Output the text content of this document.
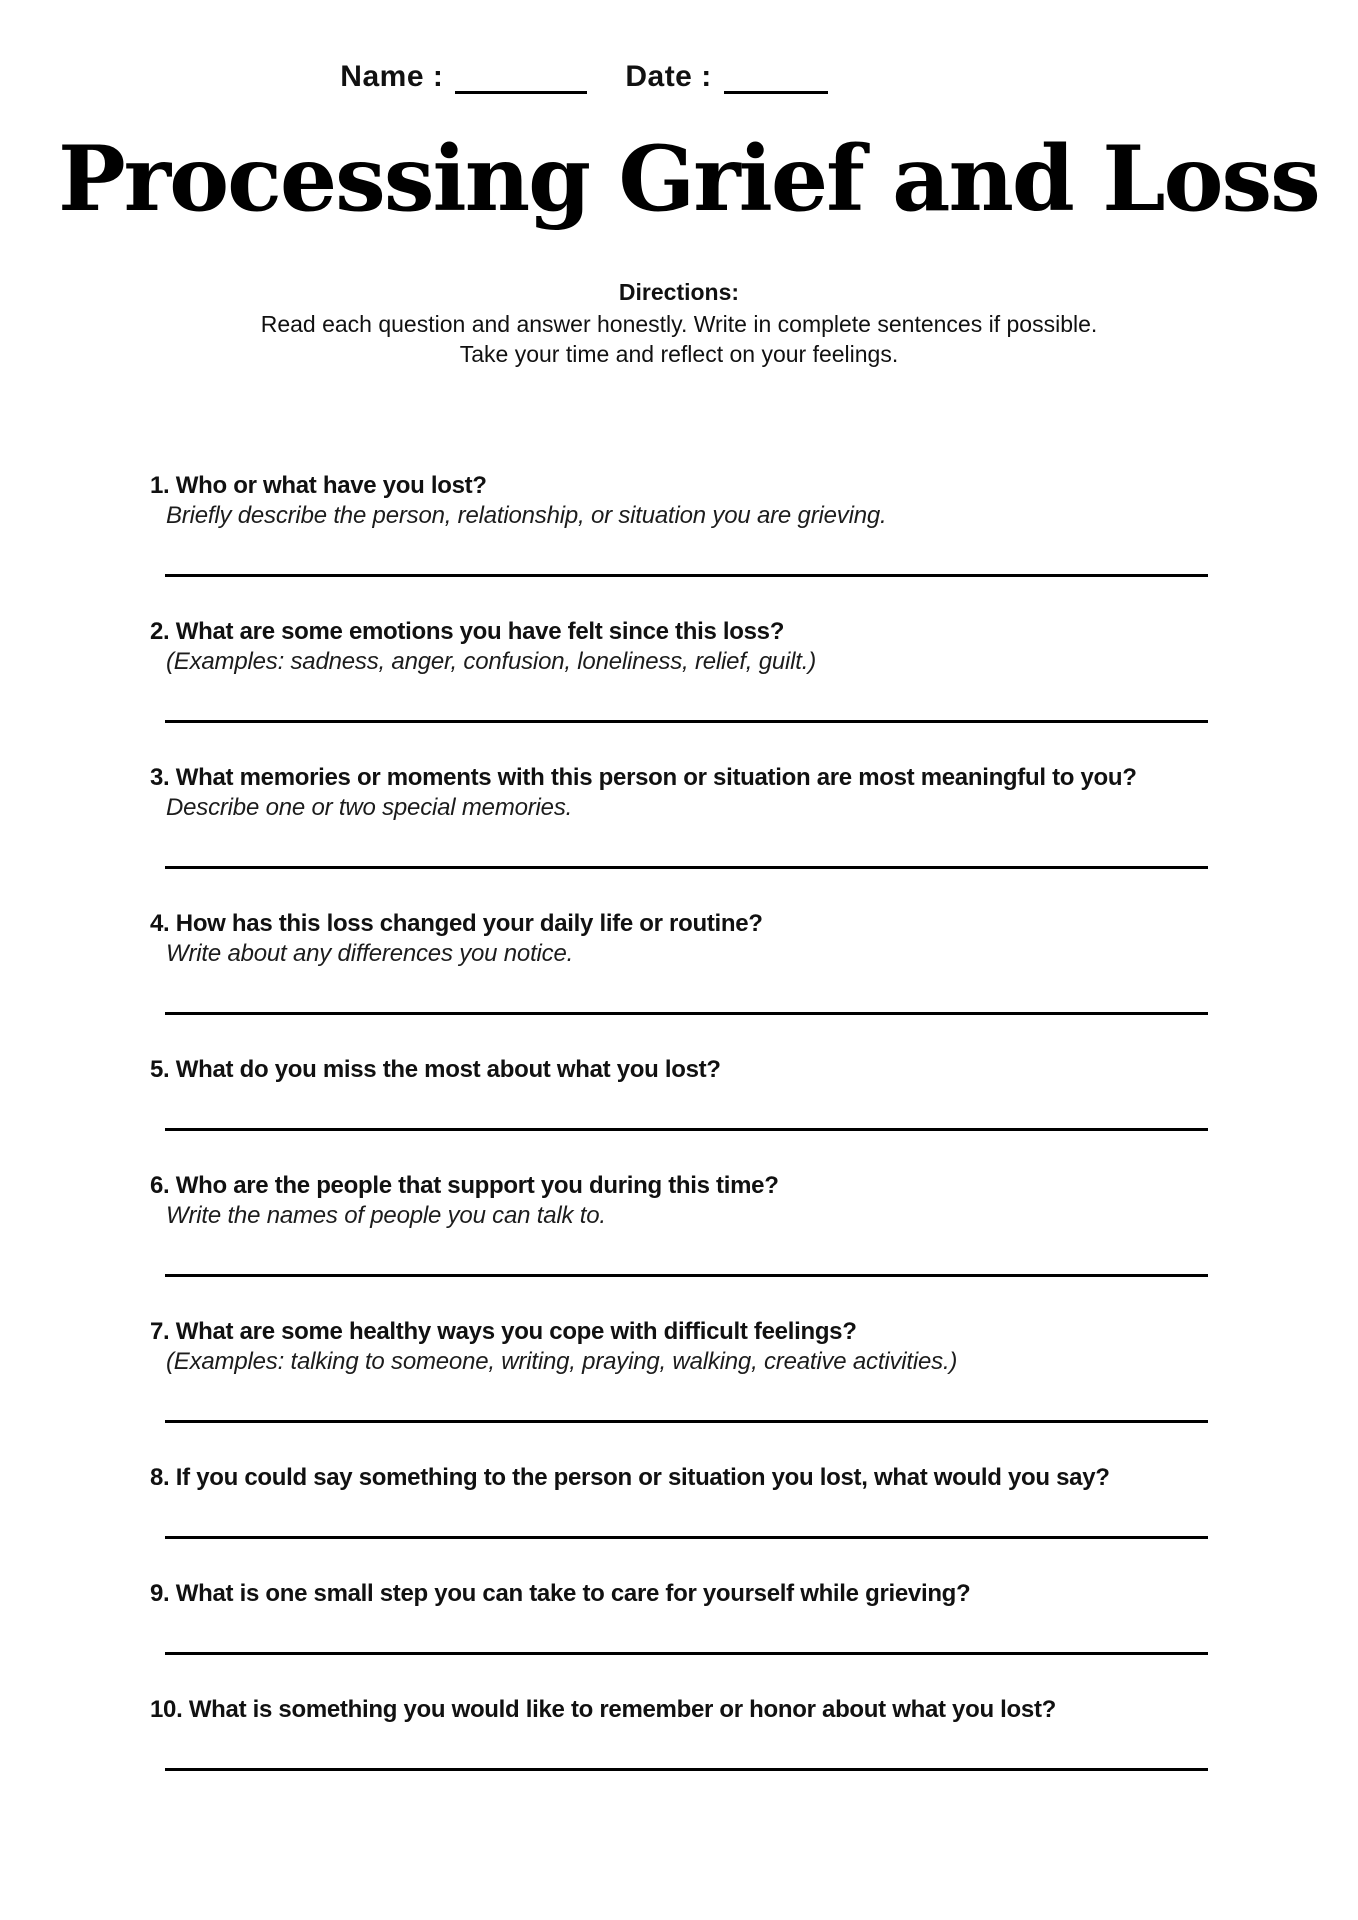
Name :	Date :
Processing Grief and Loss
Directions:
Read each question and answer honestly. Write in complete sentences if possible.
Take your time and reflect on your feelings.
1. Who or what have you lost?
Briefly describe the person, relationship, or situation you are grieving.
2. What are some emotions you have felt since this loss?
(Examples: sadness, anger, confusion, loneliness, relief, guilt.)
3. What memories or moments with this person or situation are most meaningful to you?
Describe one or two special memories.
4. How has this loss changed your daily life or routine?
Write about any differences you notice.
5. What do you miss the most about what you lost?
6. Who are the people that support you during this time?
Write the names of people you can talk to.
7. What are some healthy ways you cope with difficult feelings?
(Examples: talking to someone, writing, praying, walking, creative activities.)
8. If you could say something to the person or situation you lost, what would you say?
9. What is one small step you can take to care for yourself while grieving?
10. What is something you would like to remember or honor about what you lost?
